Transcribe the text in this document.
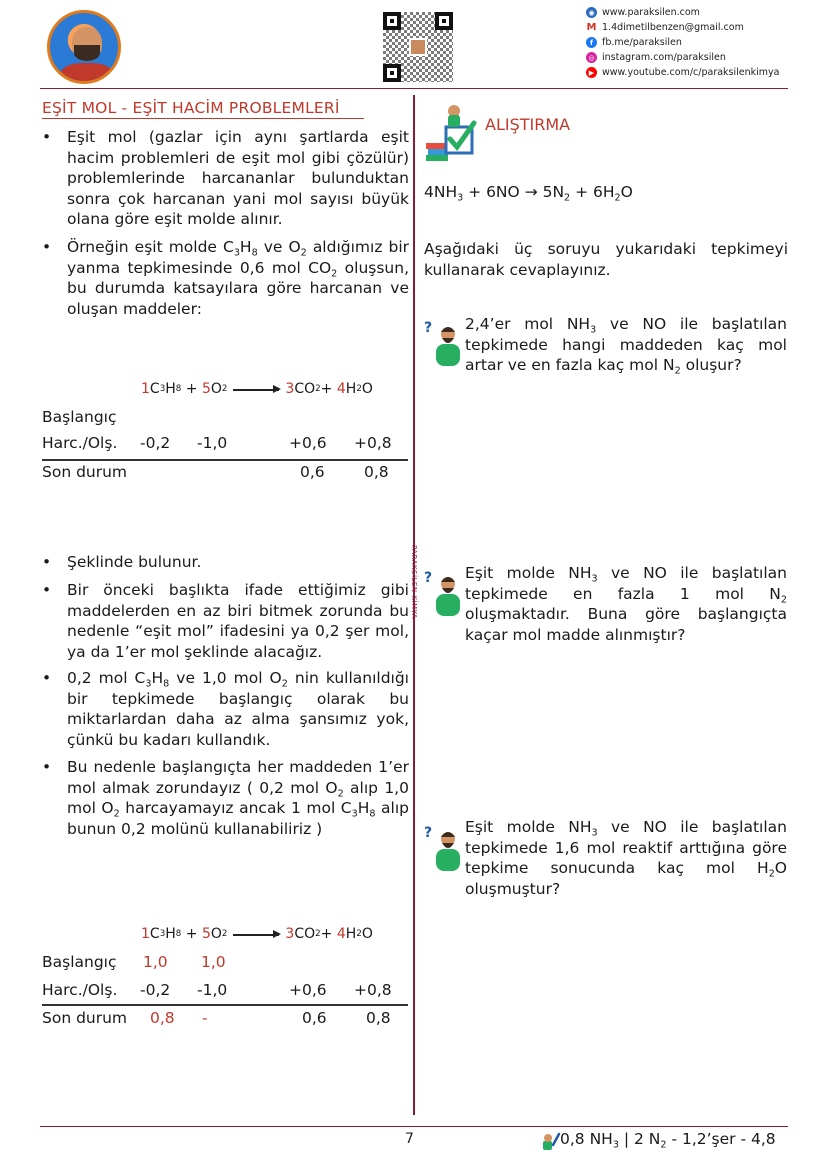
◉ www.paraksilen.com
M 1.4dimetilbenzen@gmail.com
f fb.me/paraksilen
◎ instagram.com/paraksilen
▶ www.youtube.com/c/paraksilenkimya
PARAKSİLEN KİMYA
EŞİT MOL - EŞİT HACİM PROBLEMLERİ
• Eşit mol (gazlar için aynı şartlarda eşit hacim problemleri de eşit mol gibi çözülür) problemlerinde harcananlar bulunduktan sonra çok harcanan yani mol sayısı büyük olana göre eşit molde alınır.
• Örneğin eşit molde $C_3H_8$ ve $O_2$ aldığımız bir yanma tepkimesinde 0,6 mol $CO_2$ oluşsun, bu durumda katsayılara göre harcanan ve oluşan maddeler:
1 C 3 H 8 + 5 O 2 → 3 CO 2 + 4 H 2 O
Başlangıç
Harc./Olş. -0,2 -1,0	+0,6 +0,8
Son durum	0,6	0,8
• Şeklinde bulunur.
• Bir önceki başlıkta ifade ettiğimiz gibi maddelerden en az biri bitmek zorunda bu nedenle “eşit mol” ifadesini ya 0,2 şer mol, ya da 1’er mol şeklinde alacağız.
• 0,2 mol $C_3H_8$ ve 1,0 mol $O_2$ nin kullanıldığı bir tepkimede başlangıç olarak bu miktarlardan daha az alma şansımız yok, çünkü bu kadarı kullandık.
• Bu nedenle başlangıçta her maddeden 1’er mol almak zorundayız ( 0,2 mol $O_2$ alıp 1,0 mol $O_2$ harcayamayız ancak 1 mol $C_3H_8$ alıp bunun 0,2 molünü kullanabiliriz )
1 C 3 H 8 + 5 O 2 → 3 CO 2 + 4 H 2 O
Başlangıç 1,0 1,0
Harc./Olş. -0,2 -1,0	+0,6 +0,8
Son durum 0,8 -	0,6	0,8
ALIŞTIRMA
$4NH_3 + 6NO \to 5N_2 + 6H_2O$
Aşağıdaki üç soruyu yukarıdaki tepkimeyi kullanarak cevaplayınız.
? 2,4’er mol $NH_3$ ve NO ile başlatılan tepkimede hangi maddeden kaç mol artar ve en fazla kaç mol $N_2$ oluşur?
? Eşit molde $NH_3$ ve NO ile başlatılan tepkimede en fazla 1 mol $N_2$ oluşmaktadır. Buna göre başlangıçta kaçar mol madde alınmıştır?
? Eşit molde $NH_3$ ve NO ile başlatılan tepkimede 1,6 mol reaktif arttığına göre tepkime sonucunda kaç mol $H_2O$ oluşmuştur?
7	0,8 $NH_3$ | 2 $N_2$ - 1,2’şer - 4,8
